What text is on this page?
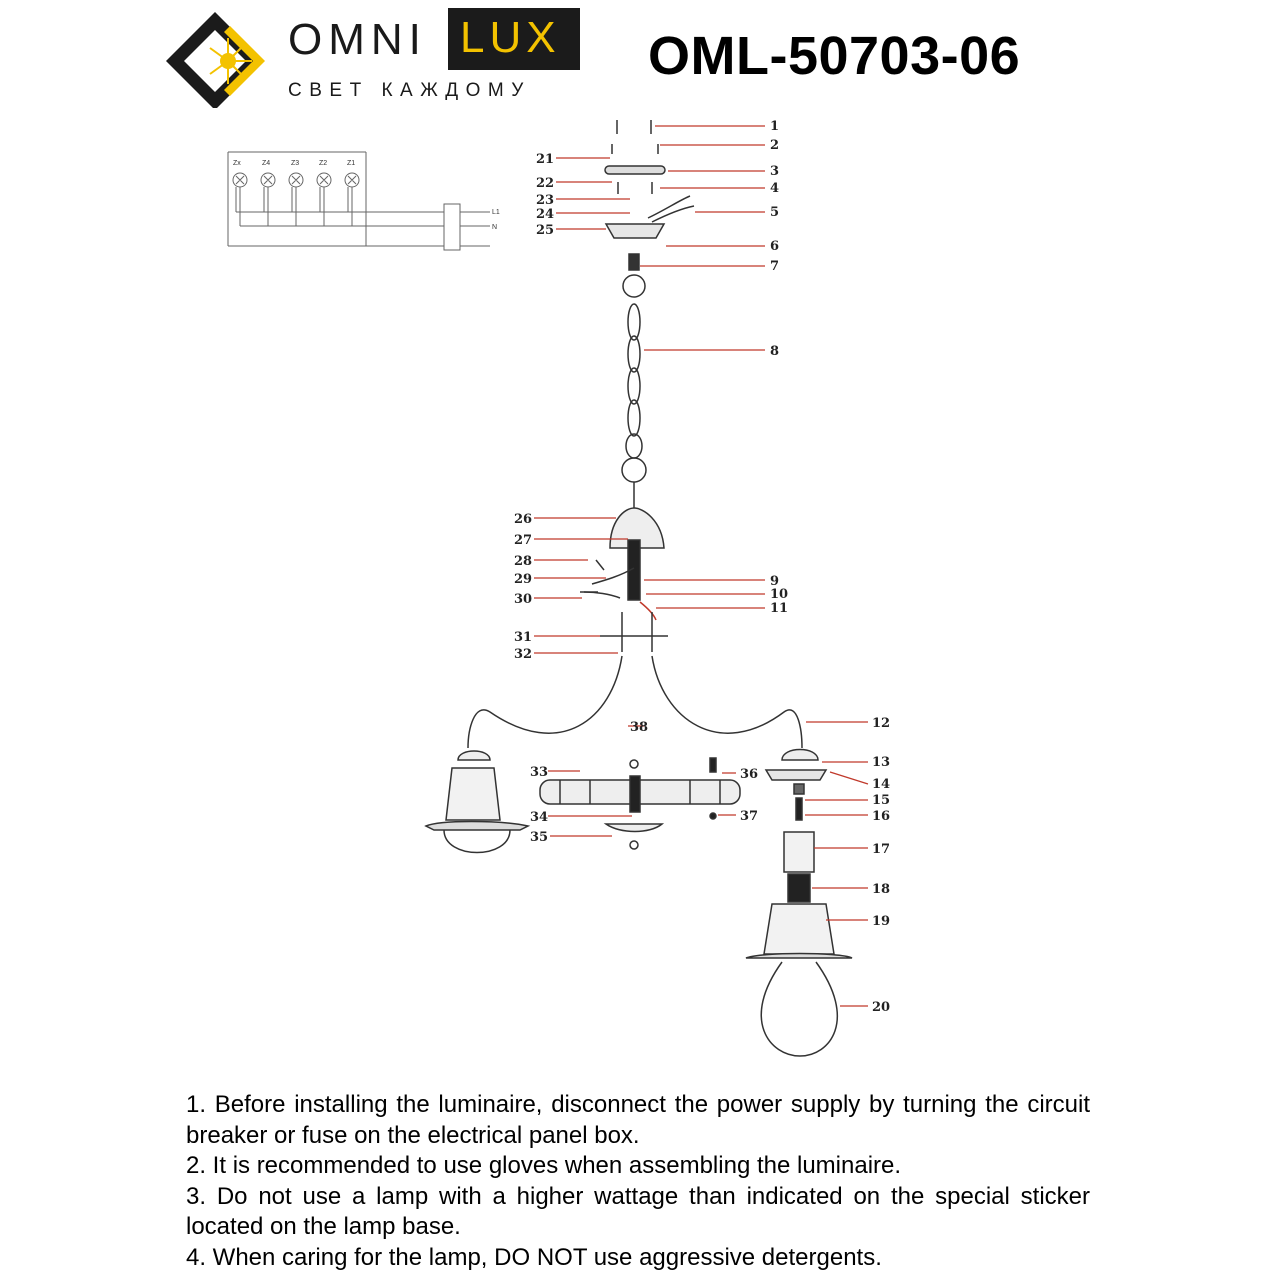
OMNI LUX
СВЕТ КАЖДОМУ
OML-50703-06
Zx	Z4	Z3	Z2	Z1
L1
N
1
2
3
4
5
6
7
8
9
10
11
12
13
14
15
16
17
18
19
20
21
22
23
24
25
26
27
28
29
30
31
32
33
34
35
36
37
38

1. Before installing the luminaire, disconnect the power supply by turning the circuit breaker or fuse on the electrical panel box.

2. It is recommended to use gloves when assembling the luminaire.

3. Do not use a lamp with a higher wattage than indicated on the special sticker located on the lamp base.

4. When caring for the lamp, DO NOT use aggressive detergents.
